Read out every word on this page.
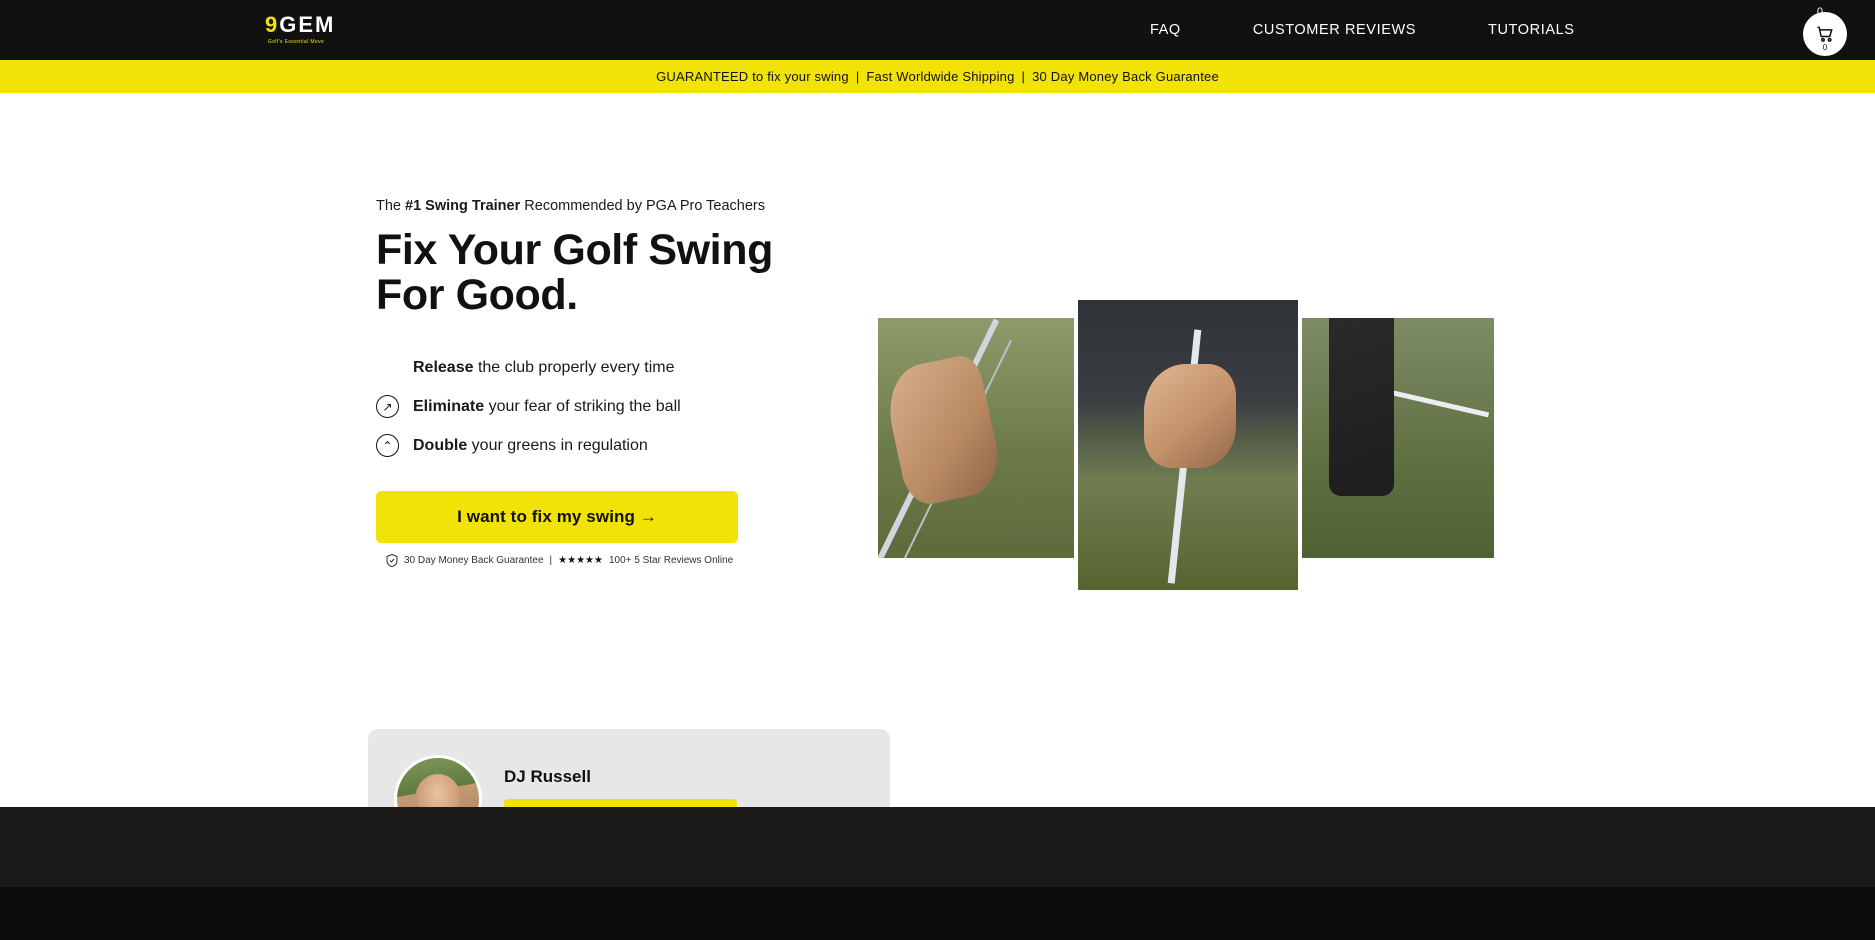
9 GEM
Golf's Essential Move
FAQ	CUSTOMER REVIEWS	TUTORIALS
0
GUARANTEED to fix your swing | Fast Worldwide Shipping | 30 Day Money Back Guarantee
The #1 Swing Trainer Recommended by PGA Pro Teachers
Fix Your Golf Swing
For Good.
Release the club properly every time
↗	Eliminate your fear of striking the ball
⌃	Double your greens in regulation
I want to fix my swing →
30 Day Money Back Guarantee | ★★★★★ 100+ 5 Star Reviews Online
DJ Russell
